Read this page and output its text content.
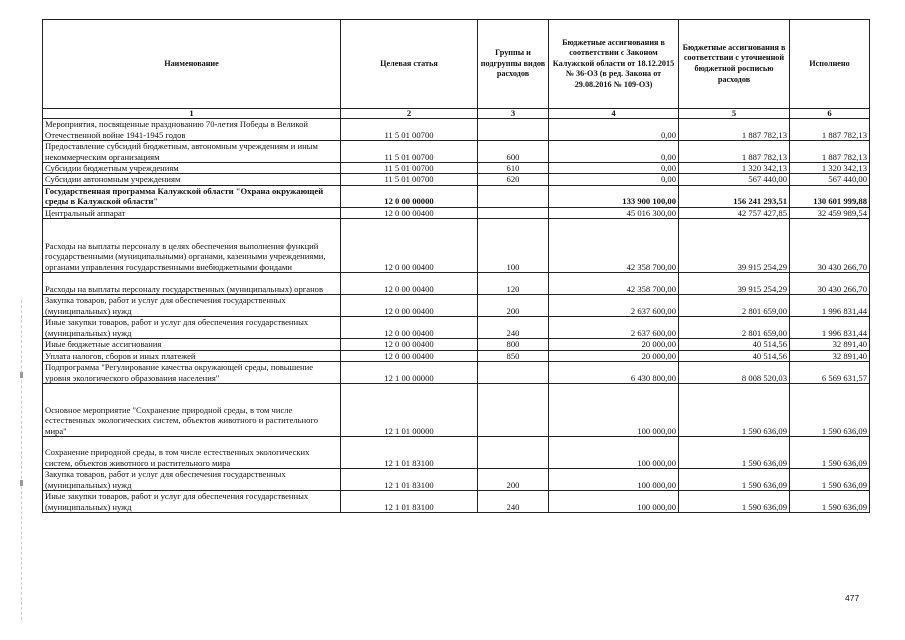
Наименование	Целевая статья	Группы и подгруппы видов расходов	Бюджетные ассигнования в соответствии с Законом Калужской области от 18.12.2015 № 36-ОЗ (в ред. Закона от 29.08.2016 № 109-ОЗ)	Бюджетные ассигнования в соответствии с уточненной бюджетной росписью расходов	Исполнено
1	2	3	4	5	6
Мероприятия, посвященные празднованию 70-летия Победы в Великой Отечественной войне 1941-1945 годов	11 5 01 00700		0,00	1 887 782,13	1 887 782,13
Предоставление субсидий бюджетным, автономным учреждениям и иным некоммерческим организациям	11 5 01 00700	600	0,00	1 887 782,13	1 887 782,13
Субсидии бюджетным учреждениям	11 5 01 00700	610	0,00	1 320 342,13	1 320 342,13
Субсидии автономным учреждениям	11 5 01 00700	620	0,00	567 440,00	567 440,00
Государственная программа Калужской области "Охрана окружающей среды в Калужской области"	12 0 00 00000		133 900 100,00	156 241 293,51	130 601 999,88
Центральный аппарат	12 0 00 00400		45 016 300,00	42 757 427,85	32 459 989,54
Расходы на выплаты персоналу в целях обеспечения выполнения функций государственными (муниципальными) органами, казенными учреждениями, органами управления государственными внебюджетными фондами	12 0 00 00400	100	42 358 700,00	39 915 254,29	30 430 266,70
Расходы на выплаты персоналу государственных (муниципальных) органов	12 0 00 00400	120	42 358 700,00	39 915 254,29	30 430 266,70
Закупка товаров, работ и услуг для обеспечения государственных (муниципальных) нужд	12 0 00 00400	200	2 637 600,00	2 801 659,00	1 996 831,44
Иные закупки товаров, работ и услуг для обеспечения государственных (муниципальных) нужд	12 0 00 00400	240	2 637 600,00	2 801 659,00	1 996 831,44
Иные бюджетные ассигнования	12 0 00 00400	800	20 000,00	40 514,56	32 891,40
Уплата налогов, сборов и иных платежей	12 0 00 00400	850	20 000,00	40 514,56	32 891,40
Подпрограмма "Регулирование качества окружающей среды, повышение уровня экологического образования населения"	12 1 00 00000		6 430 800,00	8 008 520,03	6 569 631,57
Основное мероприятие "Сохранение природной среды, в том числе естественных экологических систем, объектов животного и растительного мира"	12 1 01 00000		100 000,00	1 590 636,09	1 590 636,09
Сохранение природной среды, в том числе естественных экологических систем, объектов животного и растительного мира	12 1 01 83100		100 000,00	1 590 636,09	1 590 636,09
Закупка товаров, работ и услуг для обеспечения государственных (муниципальных) нужд	12 1 01 83100	200	100 000,00	1 590 636,09	1 590 636,09
Иные закупки товаров, работ и услуг для обеспечения государственных (муниципальных) нужд	12 1 01 83100	240	100 000,00	1 590 636,09	1 590 636,09
477
